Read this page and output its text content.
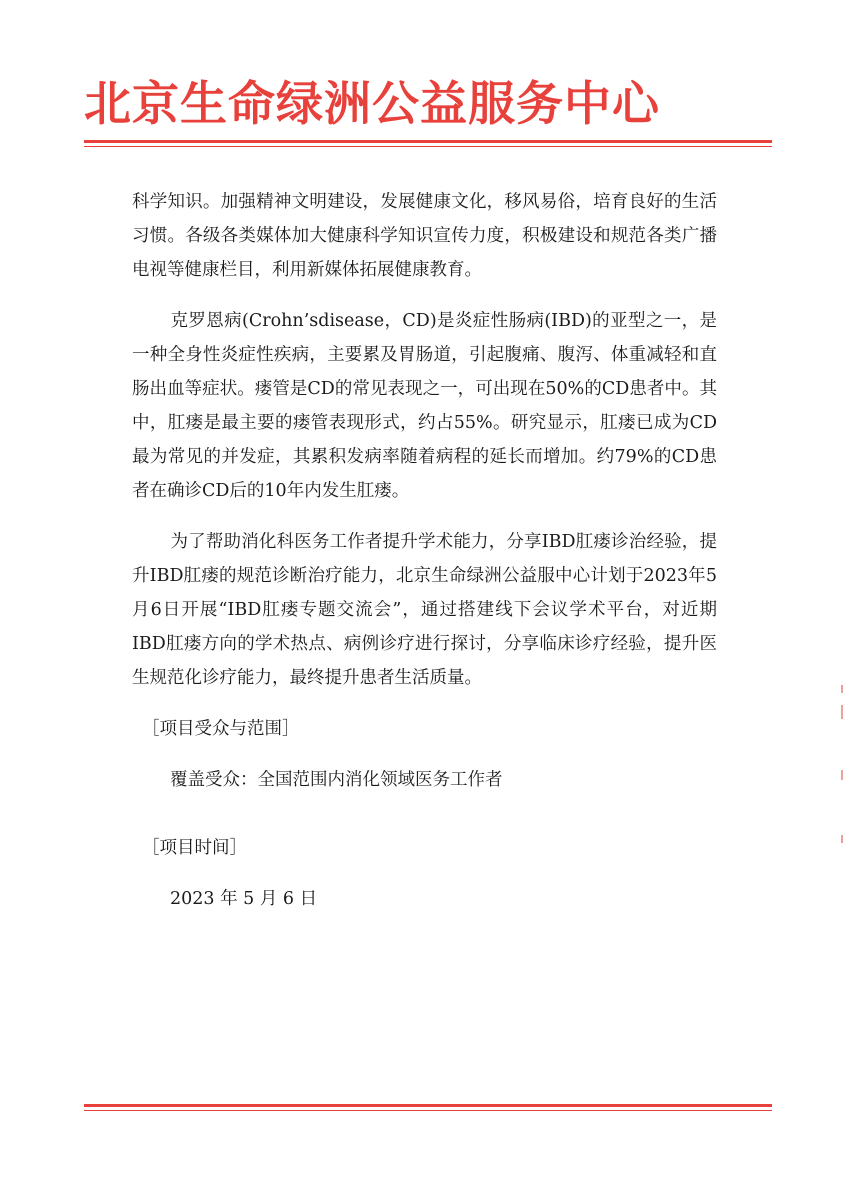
北京生命绿洲公益服务中心

科学知识。加强精神文明建设，发展健康文化，移风易俗，培育良好的生活习惯。各级各类媒体加大健康科学知识宣传力度，积极建设和规范各类广播电视等健康栏目，利用新媒体拓展健康教育。

克罗恩病(Crohn’sdisease，CD)是炎症性肠病(IBD)的亚型之一，是一种全身性炎症性疾病，主要累及胃肠道，引起腹痛、腹泻、体重减轻和直肠出血等症状。瘘管是CD的常见表现之一，可出现在50%的CD患者中。其中，肛瘘是最主要的瘘管表现形式，约占55%。研究显示，肛瘘已成为CD最为常见的并发症，其累积发病率随着病程的延长而增加。约79%的CD患者在确诊CD后的10年内发生肛瘘。

为了帮助消化科医务工作者提升学术能力，分享IBD肛瘘诊治经验，提升IBD肛瘘的规范诊断治疗能力，北京生命绿洲公益服中心计划于2023年5月6日开展“IBD肛瘘专题交流会”，通过搭建线下会议学术平台，对近期IBD肛瘘方向的学术热点、病例诊疗进行探讨，分享临床诊疗经验，提升医生规范化诊疗能力，最终提升患者生活质量。

［项目受众与范围］

覆盖受众：全国范围内消化领域医务工作者

［项目时间］

2023 年 5 月 6 日
